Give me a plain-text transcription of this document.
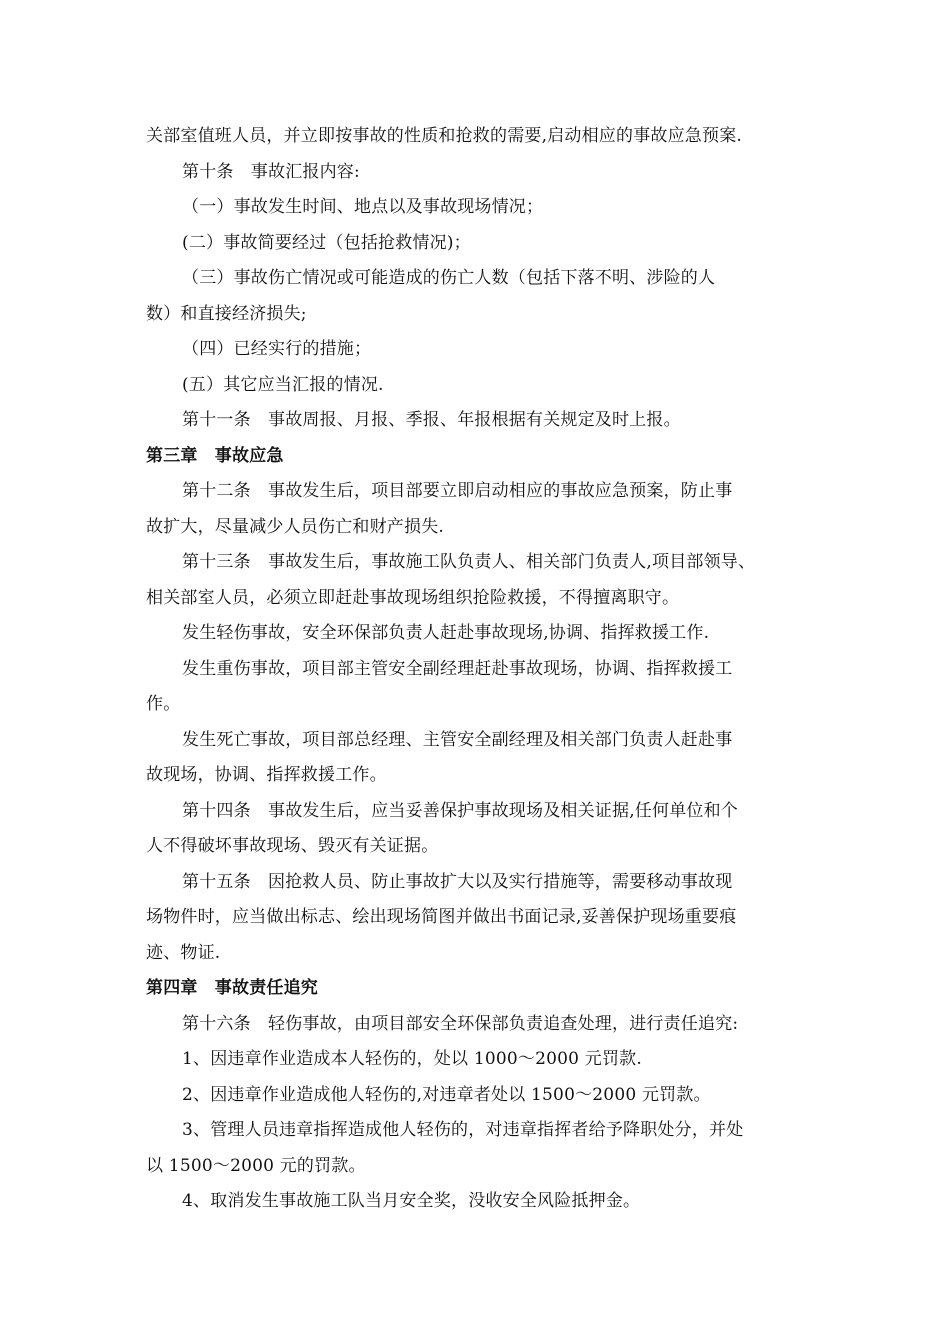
关部室值班人员，并立即按事故的性质和抢救的需要,启动相应的事故应急预案.
第十条　事故汇报内容:
（一）事故发生时间、地点以及事故现场情况；
(二）事故简要经过（包括抢救情况)；
（三）事故伤亡情况或可能造成的伤亡人数（包括下落不明、涉险的人
数）和直接经济损失;
（四）已经实行的措施；
(五）其它应当汇报的情况.
第十一条　事故周报、月报、季报、年报根据有关规定及时上报。
第三章　事故应急
第十二条　事故发生后，项目部要立即启动相应的事故应急预案，防止事
故扩大，尽量减少人员伤亡和财产损失.
第十三条　事故发生后，事故施工队负责人、相关部门负责人,项目部领导、
相关部室人员，必须立即赶赴事故现场组织抢险救援，不得擅离职守。
发生轻伤事故，安全环保部负责人赶赴事故现场,协调、指挥救援工作.
发生重伤事故，项目部主管安全副经理赶赴事故现场，协调、指挥救援工
作。
发生死亡事故，项目部总经理、主管安全副经理及相关部门负责人赶赴事
故现场，协调、指挥救援工作。
第十四条　事故发生后，应当妥善保护事故现场及相关证据,任何单位和个
人不得破坏事故现场、毁灭有关证据。
第十五条　因抢救人员、防止事故扩大以及实行措施等，需要移动事故现
场物件时，应当做出标志、绘出现场简图并做出书面记录,妥善保护现场重要痕
迹、物证.
第四章　事故责任追究
第十六条　轻伤事故，由项目部安全环保部负责追查处理，进行责任追究:
1、因违章作业造成本人轻伤的，处以 1000～2000 元罚款.
2、因违章作业造成他人轻伤的,对违章者处以 1500～2000 元罚款。
3、管理人员违章指挥造成他人轻伤的，对违章指挥者给予降职处分，并处
以 1500～2000 元的罚款。
4、取消发生事故施工队当月安全奖，没收安全风险抵押金。
